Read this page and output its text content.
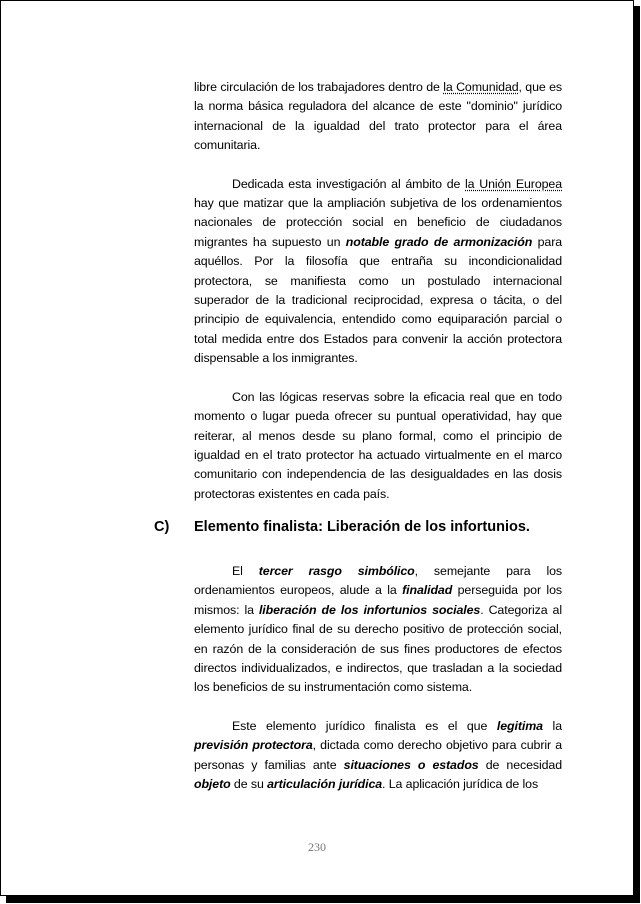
libre circulación de los trabajadores dentro de la Comunidad, que es la norma básica reguladora del alcance de este "dominio" jurídico internacional de la igualdad del trato protector para el área comunitaria.

Dedicada esta investigación al ámbito de la Unión Europea hay que matizar que la ampliación subjetiva de los ordenamientos nacionales de protección social en beneficio de ciudadanos migrantes ha supuesto un notable grado de armonización para aquéllos. Por la filosofía que entraña su incondicionalidad protectora, se manifiesta como un postulado internacional superador de la tradicional reciprocidad, expresa o tácita, o del principio de equivalencia, entendido como equiparación parcial o total medida entre dos Estados para convenir la acción protectora dispensable a los inmigrantes.

Con las lógicas reservas sobre la eficacia real que en todo momento o lugar pueda ofrecer su puntual operatividad, hay que reiterar, al menos desde su plano formal, como el principio de igualdad en el trato protector ha actuado virtualmente en el marco comunitario con independencia de las desigualdades en las dosis protectoras existentes en cada país.

C)	Elemento finalista: Liberación de los infortunios.

El tercer rasgo simbólico, semejante para los ordenamientos europeos, alude a la finalidad perseguida por los mismos: la liberación de los infortunios sociales. Categoriza al elemento jurídico final de su derecho positivo de protección social, en razón de la consideración de sus fines productores de efectos directos individualizados, e indirectos, que trasladan a la sociedad los beneficios de su instrumentación como sistema.

Este elemento jurídico finalista es el que legitima la previsión protectora, dictada como derecho objetivo para cubrir a personas y familias ante situaciones o estados de necesidad objeto de su articulación jurídica. La aplicación jurídica de los

230
